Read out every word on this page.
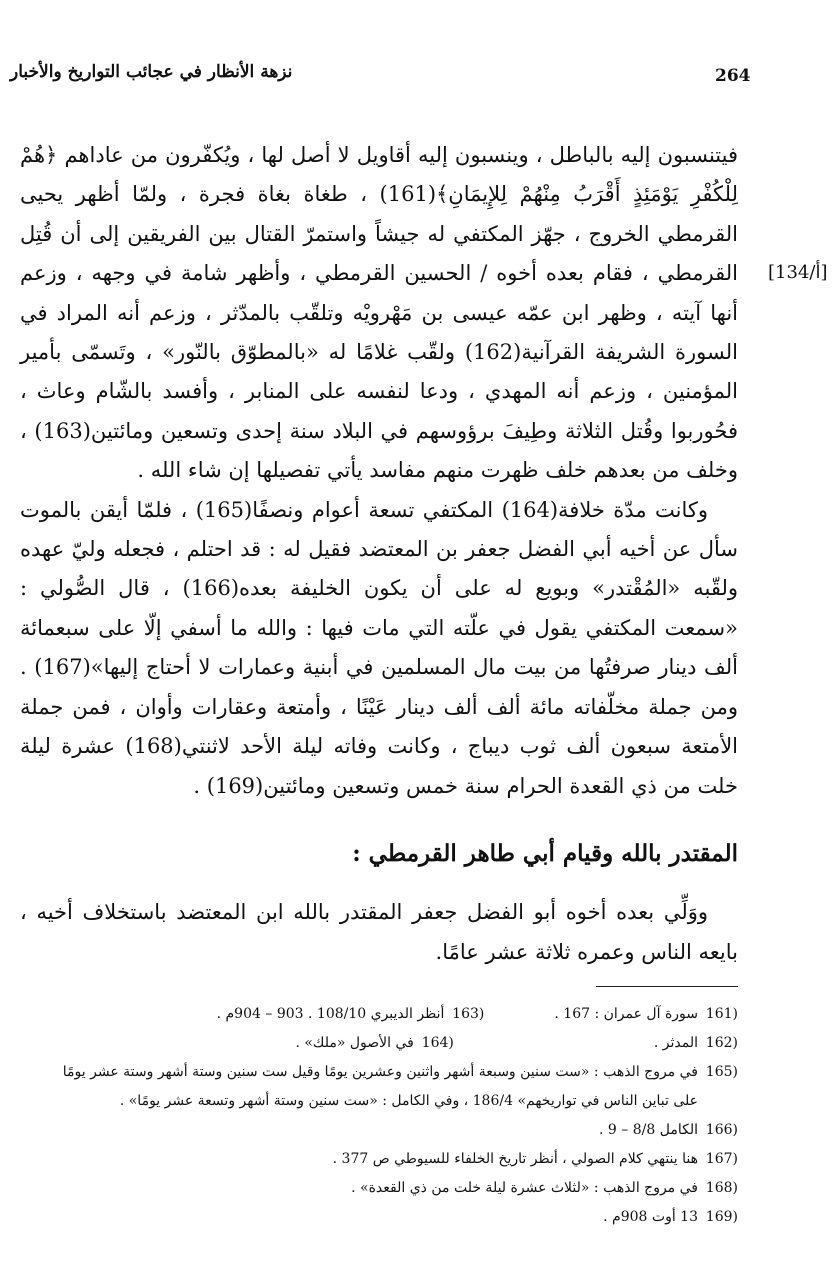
نزهة الأنظار في عجائب التواريخ والأخبار	264
[134/أ]

فيتنسبون إليه بالباطل ، وينسبون إليه أقاويل لا أصل لها ، ويُكفّرون من عاداهم ﴿هُمْ لِلْكُفْرِ يَوْمَئِذٍ أَقْرَبُ مِنْهُمْ لِلإِيمَانِ﴾(161) ، طغاة بغاة فجرة ، ولمّا أظهر يحيى القرمطي الخروج ، جهّز المكتفي له جيشاً واستمرّ القتال بين الفريقين إلى أن قُتِل القرمطي ، فقام بعده أخوه / الحسين القرمطي ، وأظهر شامة في وجهه ، وزعم أنها آيته ، وظهر ابن عمّه عيسى بن مَهْرويْه وتلقّب بالمدّثر ، وزعم أنه المراد في السورة الشريفة القرآنية(162) ولقّب غلامًا له «بالمطوّق بالنّور» ، وتَسمّى بأمير المؤمنين ، وزعم أنه المهدي ، ودعا لنفسه على المنابر ، وأفسد بالشّام وعاث ، فحُوربوا وقُتل الثلاثة وطِيفَ برؤوسهم في البلاد سنة إحدى وتسعين ومائتين(163) ، وخلف من بعدهم خلف ظهرت منهم مفاسد يأتي تفصيلها إن شاء الله .

وكانت مدّة خلافة(164) المكتفي تسعة أعوام ونصفًا(165) ، فلمّا أيقن بالموت سأل عن أخيه أبي الفضل جعفر بن المعتضد فقيل له : قد احتلم ، فجعله وليّ عهده ولقّبه «المُقْتدر» وبويع له على أن يكون الخليفة بعده(166) ، قال الصُّولي : «سمعت المكتفي يقول في علّته التي مات فيها : والله ما أسفي إلّا على سبعمائة ألف دينار صرفتُها من بيت مال المسلمين في أبنية وعمارات لا أحتاج إليها»(167) . ومن جملة مخلّفاته مائة ألف ألف دينار عَيْنًا ، وأمتعة وعقارات وأوان ، فمن جملة الأمتعة سبعون ألف ثوب ديباج ، وكانت وفاته ليلة الأحد لاثنتي(168) عشرة ليلة خلت من ذي القعدة الحرام سنة خمس وتسعين ومائتين(169) .

المقتدر بالله وقيام أبي طاهر القرمطي :
ووَلِّي بعده أخوه أبو الفضل جعفر المقتدر بالله ابن المعتضد باستخلاف أخيه ، بايعه الناس وعمره ثلاثة عشر عامًا.
(161
سورة آل عمران : 167 .
(163
أنظر الديبري 108/10 . 903 – 904م .
(162
المدثر .
(164
في الأصول «ملك» .
(165
في مروج الذهب : «ست سنين وسبعة أشهر واثنين وعشرين يومًا وقيل ست سنين وستة أشهر وستة عشر يومًا
على تباين الناس في تواريخهم» 186/4 ، وفي الكامل : «ست سنين وستة أشهر وتسعة عشر يومًا» .
(166
الكامل 8/8 – 9 .
(167
هنا ينتهي كلام الصولي ، أنظر تاريخ الخلفاء للسيوطي ص 377 .
(168
في مروج الذهب : «لثلاث عشرة ليلة خلت من ذي القعدة» .
(169
13 أوت 908م .
